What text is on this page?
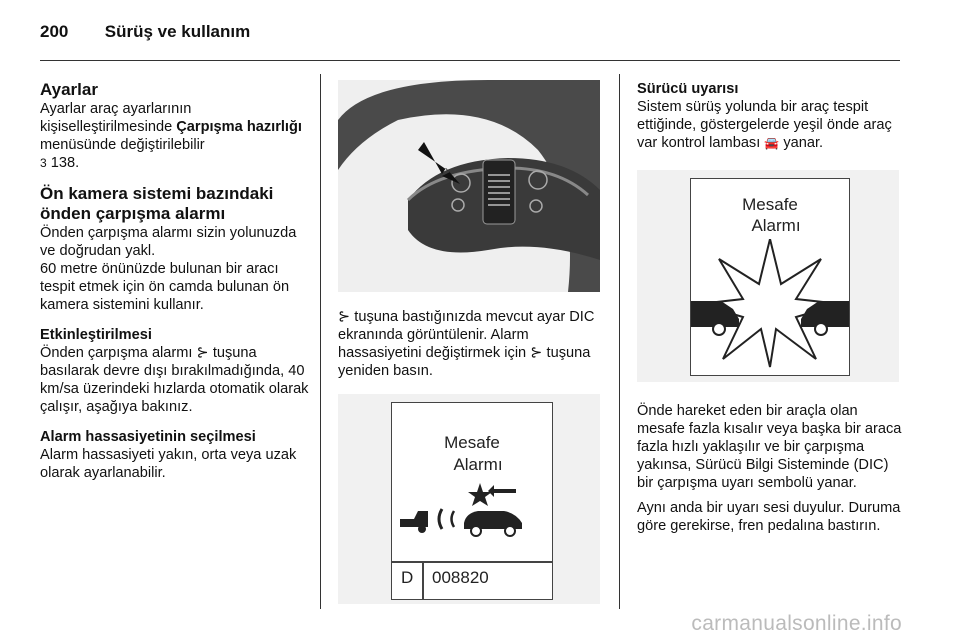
200 Sürüş ve kullanım
Ayarlar

Ayarlar araç ayarlarının kişiselleştirilmesinde Çarpışma hazırlığı menüsünde değiştirilebilir
3 138.

Ön kamera sistemi bazındaki önden çarpışma alarmı

Önden çarpışma alarmı sizin yolunuzda ve doğrudan yakl.
60 metre önünüzde bulunan bir aracı tespit etmek için ön camda bulunan ön kamera sistemini kullanır.

Etkinleştirilmesi

Önden çarpışma alarmı ⊱ tuşuna basılarak devre dışı bırakılmadığında, 40 km/sa üzerindeki hızlarda otomatik olarak çalışır, aşağıya bakınız.

Alarm hassasiyetinin seçilmesi

Alarm hassasiyeti yakın, orta veya uzak olarak ayarlanabilir.

⊱ tuşuna bastığınızda mevcut ayar DIC ekranında görüntülenir. Alarm hassasiyetini değiştirmek için ⊱ tuşuna yeniden basın.

Mesafe
Alarmı
D 008820
Sürücü uyarısı

Sistem sürüş yolunda bir araç tespit ettiğinde, göstergelerde yeşil önde araç var kontrol lambası 🚘 yanar.

Mesafe
Alarmı

Önde hareket eden bir araçla olan mesafe fazla kısalır veya başka bir araca fazla hızlı yaklaşılır ve bir çarpışma yakınsa, Sürücü Bilgi Sisteminde (DIC) bir çarpışma uyarı sembolü yanar.

Aynı anda bir uyarı sesi duyulur. Duruma göre gerekirse, fren pedalına bastırın.

carmanualsonline.info
